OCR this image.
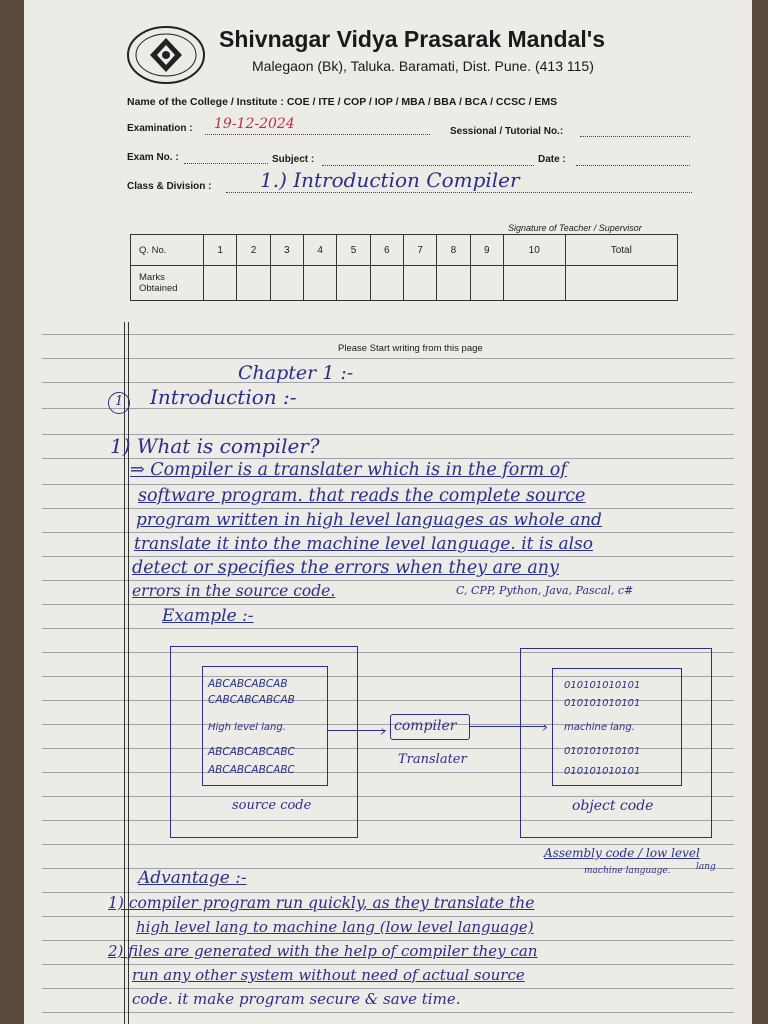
Shivnagar Vidya Prasarak Mandal's
Malegaon (Bk), Taluka. Baramati, Dist. Pune. (413 115)
Name of the College / Institute : COE / ITE / COP / IOP / MBA / BBA / BCA / CCSC / EMS
Examination : 19-12-2024	Sessional / Tutorial No.:
Exam No. :	Subject :	Date :
Class & Division : 1.) Introduction Compiler
Signature of Teacher / Supervisor
Q. No.	1	2	3	4	5	6	7	8	9	10	Total
Marks Obtained											
Please Start writing from this page
Chapter 1 :-
1 Introduction :-
1) What is compiler?
⇒ Compiler is a translater which is in the form of
software program. that reads the complete source
program written in high level languages as whole and
translate it into the machine level language. it is also
detect or specifies the errors when they are any
errors in the source code.	C, CPP, Python, Java, Pascal, c#
Example :-
ABCABCABCAB
CABCABCABCAB
High level lang.
ABCABCABCABC
ABCABCABCABC
source code
› compiler	›
Translater
010101010101
010101010101
machine lang.
010101010101
010101010101
object code
Assembly code / low level
machine language.	lang
Advantage :-
1) compiler program run quickly, as they translate the
high level lang to machine lang (low level language)
2) files are generated with the help of compiler they can
run any other system without need of actual source
code. it make program secure & save time.
